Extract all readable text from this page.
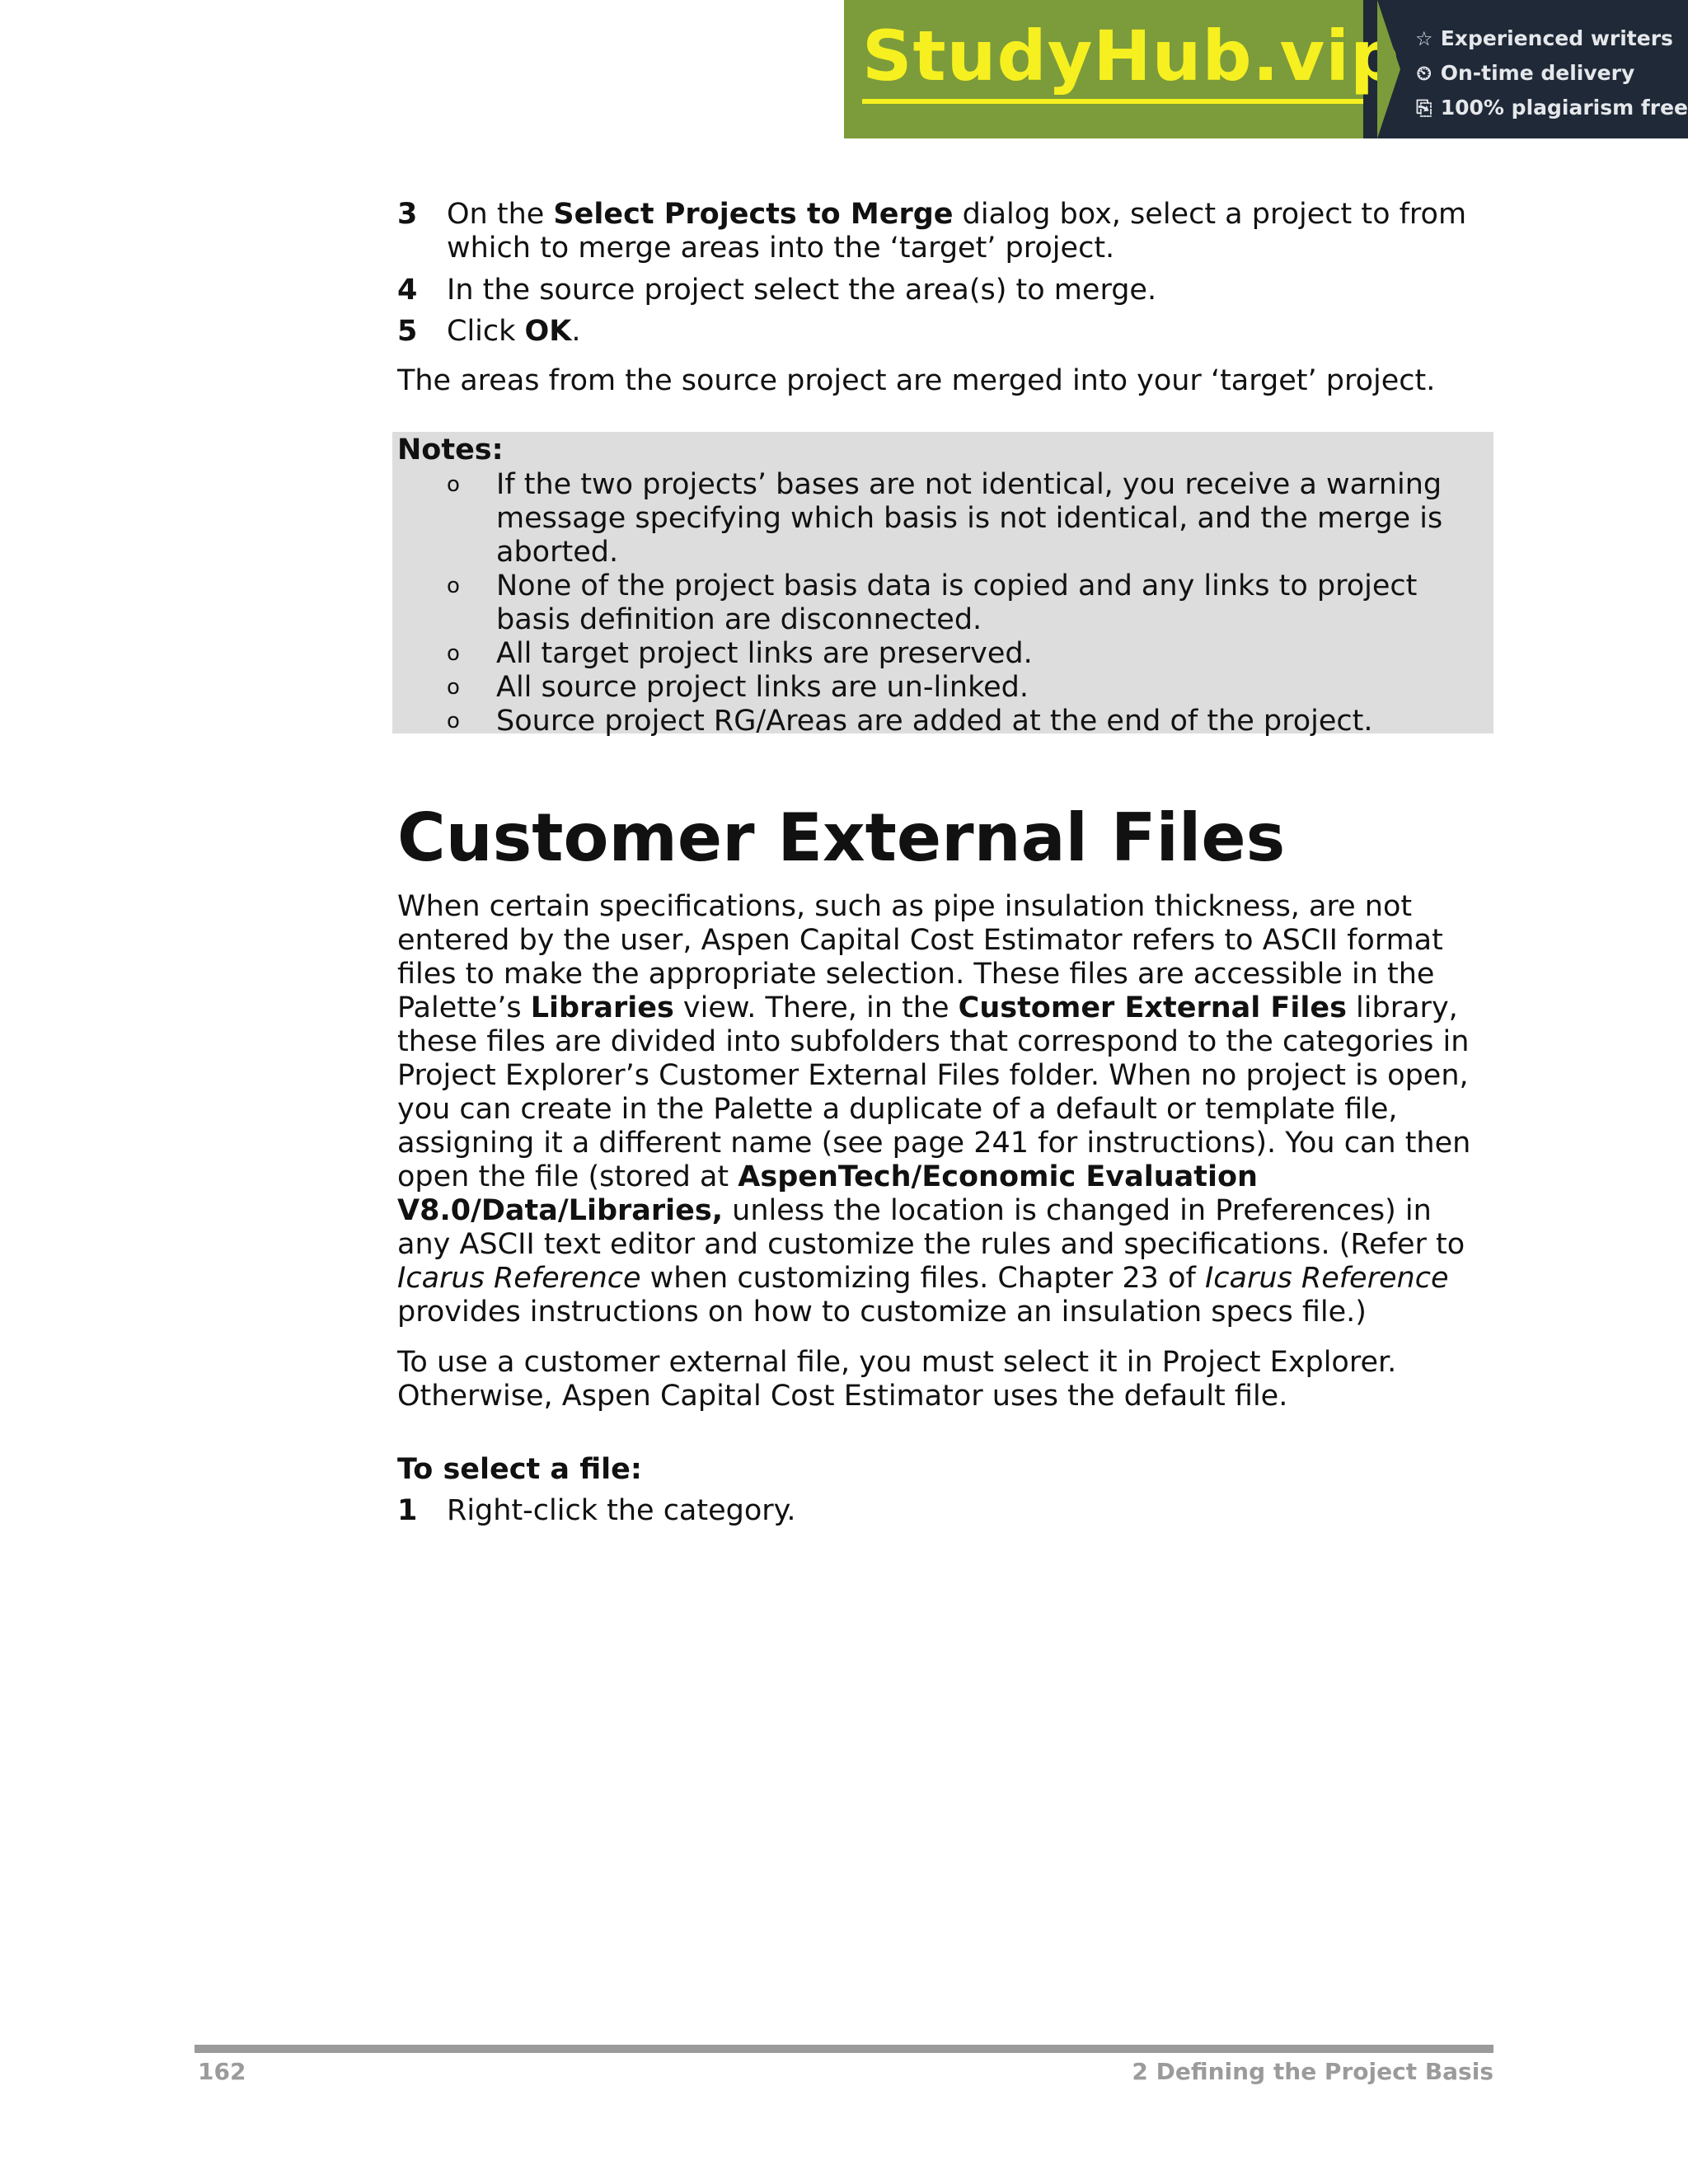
StudyHub.vip ☆ Experienced writers
⏲ On-time delivery
⎘ 100% plagiarism free
3	On the Select Projects to Merge dialog box, select a project to from which to merge areas into the ‘target’ project.
4	In the source project select the area(s) to merge.
5	Click OK.

The areas from the source project are merged into your ‘target’ project.

Notes:
o	If the two projects’ bases are not identical, you receive a warning message specifying which basis is not identical, and the merge is aborted.
o	None of the project basis data is copied and any links to project basis definition are disconnected.
o	All target project links are preserved.
o	All source project links are un-linked.
o	Source project RG/Areas are added at the end of the project.
Customer External Files

When certain specifications, such as pipe insulation thickness, are not entered by the user, Aspen Capital Cost Estimator refers to ASCII format files to make the appropriate selection. These files are accessible in the Palette’s Libraries view. There, in the Customer External Files library, these files are divided into subfolders that correspond to the categories in Project Explorer’s Customer External Files folder. When no project is open, you can create in the Palette a duplicate of a default or template file, assigning it a different name (see page 241 for instructions). You can then open the file (stored at AspenTech/Economic Evaluation V8.0/Data/Libraries, unless the location is changed in Preferences) in any ASCII text editor and customize the rules and specifications. (Refer to Icarus Reference when customizing files. Chapter 23 of Icarus Reference provides instructions on how to customize an insulation specs file.)

To use a customer external file, you must select it in Project Explorer. Otherwise, Aspen Capital Cost Estimator uses the default file.

To select a file:

1	Right-click the category.
162	2 Defining the Project Basis
